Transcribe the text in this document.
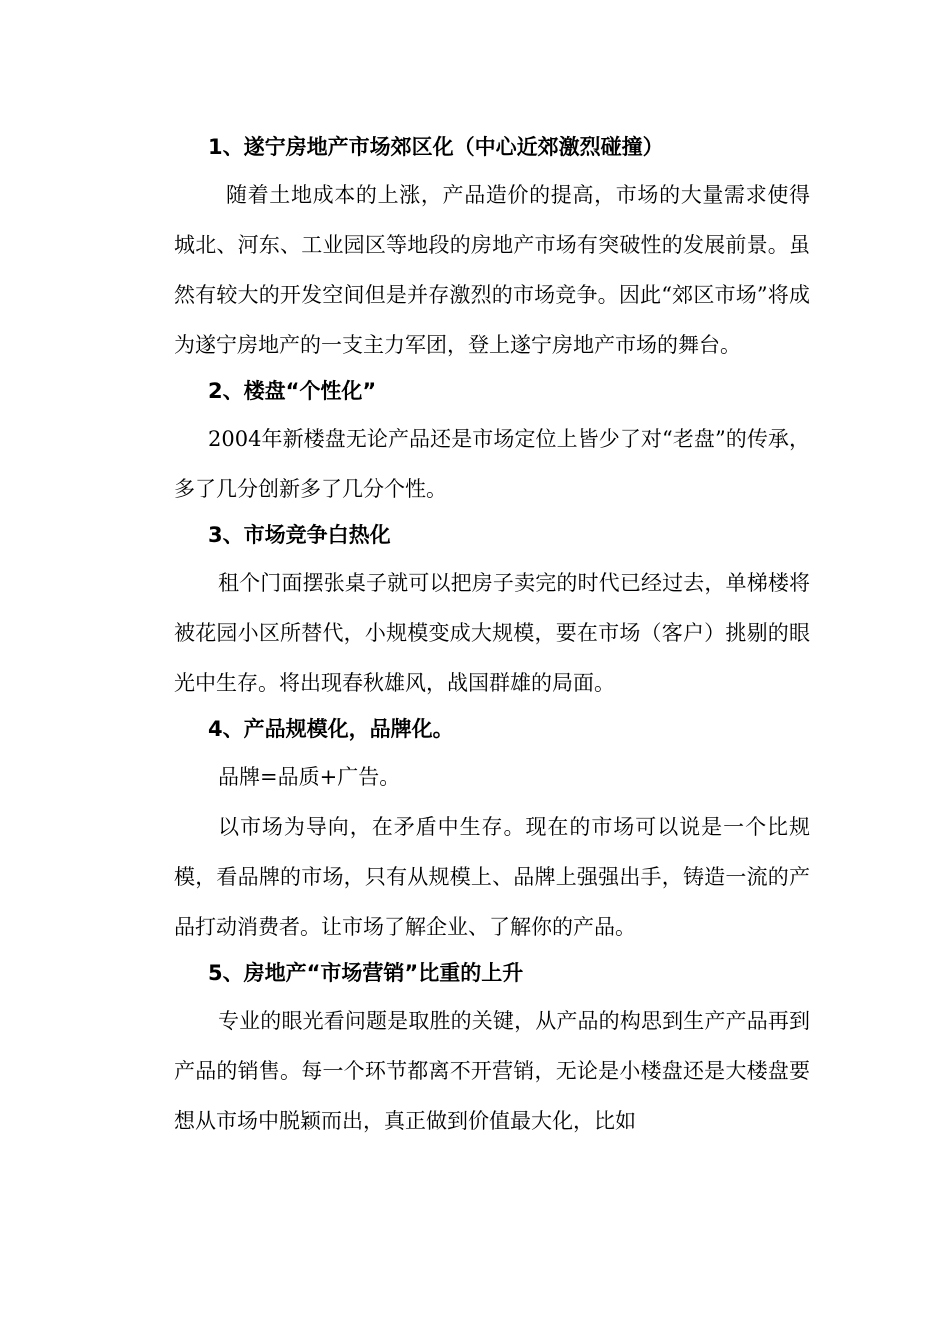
1、遂宁房地产市场郊区化（中心近郊激烈碰撞）

随着土地成本的上涨，产品造价的提高，市场的大量需求使得城北、河东、工业园区等地段的房地产市场有突破性的发展前景。虽然有较大的开发空间但是并存激烈的市场竞争。因此“郊区市场”将成为遂宁房地产的一支主力军团，登上遂宁房地产市场的舞台。

2、楼盘“个性化”

2004年新楼盘无论产品还是市场定位上皆少了对“老盘”的传承，多了几分创新多了几分个性。

3、市场竞争白热化

租个门面摆张桌子就可以把房子卖完的时代已经过去，单梯楼将被花园小区所替代，小规模变成大规模，要在市场（客户）挑剔的眼光中生存。将出现春秋雄风，战国群雄的局面。

4、产品规模化，品牌化。

品牌=品质+广告。

以市场为导向，在矛盾中生存。现在的市场可以说是一个比规模，看品牌的市场，只有从规模上、品牌上强强出手，铸造一流的产品打动消费者。让市场了解企业、了解你的产品。

5、房地产“市场营销”比重的上升

专业的眼光看问题是取胜的关键，从产品的构思到生产产品再到产品的销售。每一个环节都离不开营销，无论是小楼盘还是大楼盘要想从市场中脱颖而出，真正做到价值最大化，比如
